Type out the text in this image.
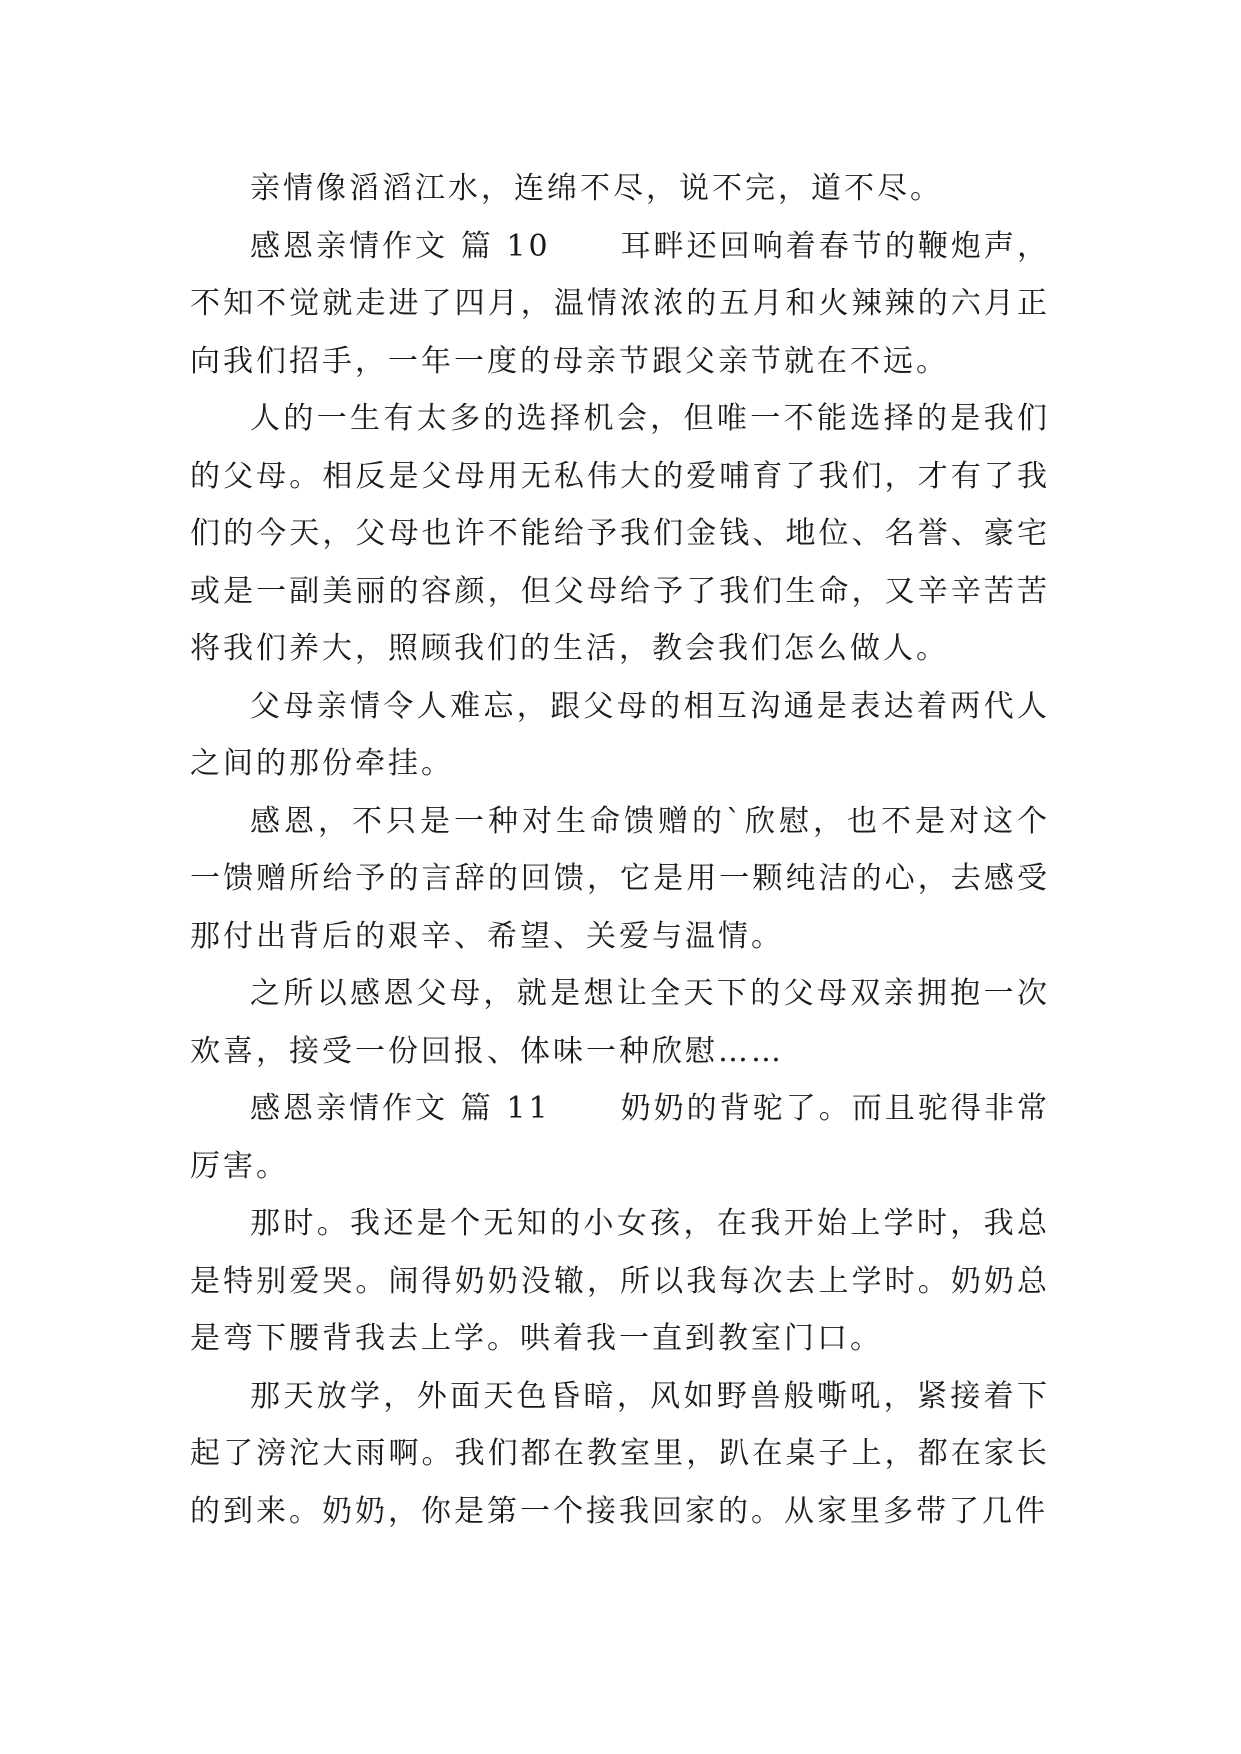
亲情像滔滔江水，连绵不尽，说不完，道不尽。

感恩亲情作文 篇 10 耳畔还回响着春节的鞭炮声，不知不觉就走进了四月，温情浓浓的五月和火辣辣的六月正向我们招手，一年一度的母亲节跟父亲节就在不远。

人的一生有太多的选择机会，但唯一不能选择的是我们的父母。相反是父母用无私伟大的爱哺育了我们，才有了我们的今天，父母也许不能给予我们金钱、地位、名誉、豪宅或是一副美丽的容颜，但父母给予了我们生命，又辛辛苦苦将我们养大，照顾我们的生活，教会我们怎么做人。

父母亲情令人难忘，跟父母的相互沟通是表达着两代人之间的那份牵挂。

感恩，不只是一种对生命馈赠的`欣慰，也不是对这个一馈赠所给予的言辞的回馈，它是用一颗纯洁的心，去感受那付出背后的艰辛、希望、关爱与温情。

之所以感恩父母，就是想让全天下的父母双亲拥抱一次欢喜，接受一份回报、体味一种欣慰……

感恩亲情作文 篇 11 奶奶的背驼了。而且驼得非常厉害。

那时。我还是个无知的小女孩，在我开始上学时，我总是特别爱哭。闹得奶奶没辙，所以我每次去上学时。奶奶总是弯下腰背我去上学。哄着我一直到教室门口。

那天放学，外面天色昏暗，风如野兽般嘶吼，紧接着下起了滂沱大雨啊。我们都在教室里，趴在桌子上，都在家长的到来。奶奶，你是第一个接我回家的。从家里多带了几件
